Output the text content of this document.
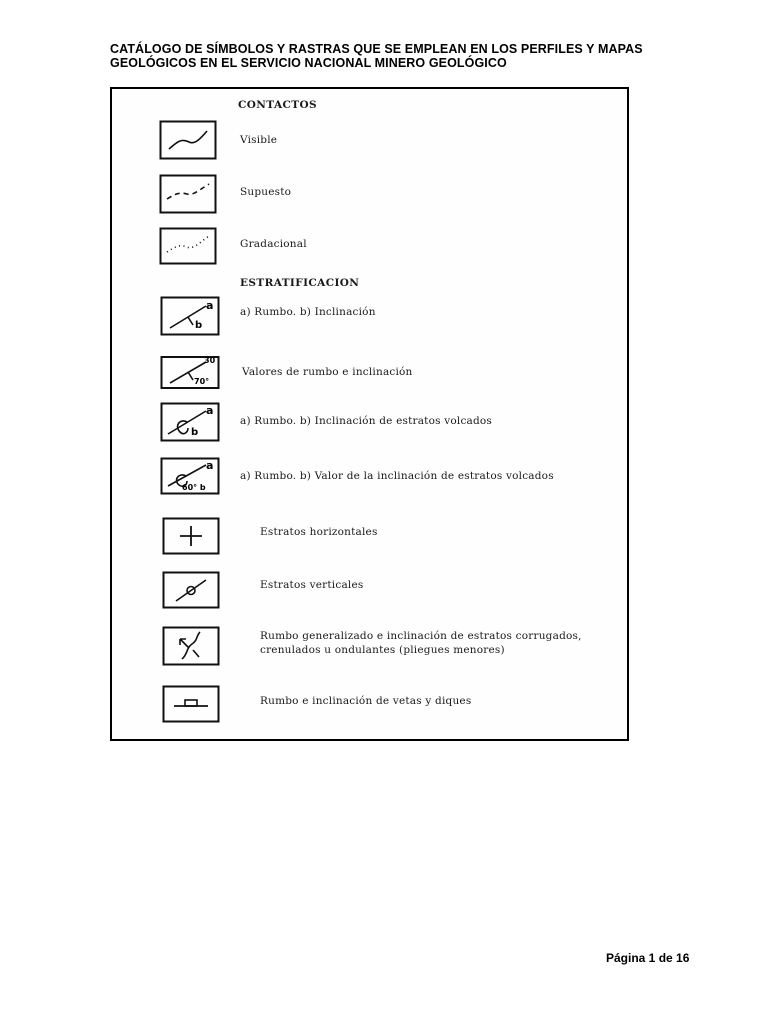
CATÁLOGO DE SÍMBOLOS Y RASTRAS QUE SE EMPLEAN EN LOS PERFILES Y MAPAS
GEOLÓGICOS EN EL SERVICIO NACIONAL MINERO GEOLÓGICO
CONTACTOS
Visible
Supuesto
Gradacional
ESTRATIFICACION
a
b
a) Rumbo. b) Inclinación
30
70°
Valores de rumbo e inclinación
a
b
a) Rumbo. b) Inclinación de estratos volcados
a
60° b
a) Rumbo. b) Valor de la inclinación de estratos volcados
Estratos horizontales
Estratos verticales
Rumbo generalizado e inclinación de estratos corrugados,
crenulados u ondulantes (pliegues menores)
Rumbo e inclinación de vetas y diques
Página 1 de 16
